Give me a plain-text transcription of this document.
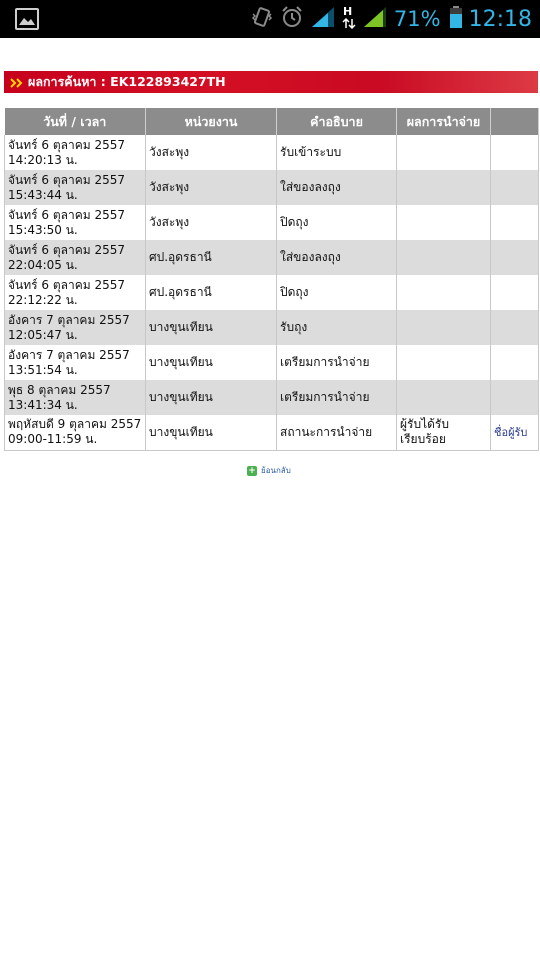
H 71% 12:18
ผลการค้นหา : EK122893427TH
วันที่ / เวลา	หน่วยงาน	คำอธิบาย	ผลการนำจ่าย	

จันทร์ 6 ตุลาคม 2557
14:20:13 น.	วังสะพุง	รับเข้าระบบ		

จันทร์ 6 ตุลาคม 2557
15:43:44 น.	วังสะพุง	ใส่ของลงถุง		

จันทร์ 6 ตุลาคม 2557
15:43:50 น.	วังสะพุง	ปิดถุง		

จันทร์ 6 ตุลาคม 2557
22:04:05 น.	ศป.อุดรธานี	ใส่ของลงถุง		

จันทร์ 6 ตุลาคม 2557
22:12:22 น.	ศป.อุดรธานี	ปิดถุง		

อังคาร 7 ตุลาคม 2557
12:05:47 น.	บางขุนเทียน	รับถุง		

อังคาร 7 ตุลาคม 2557
13:51:54 น.	บางขุนเทียน	เตรียมการนำจ่าย		

พุธ 8 ตุลาคม 2557
13:41:34 น.	บางขุนเทียน	เตรียมการนำจ่าย		

พฤหัสบดี 9 ตุลาคม 2557
09:00-11:59 น.	บางขุนเทียน	สถานะการนำจ่าย	ผู้รับได้รับ
เรียบร้อย	ชื่อผู้รับ
+ ย้อนกลับ
